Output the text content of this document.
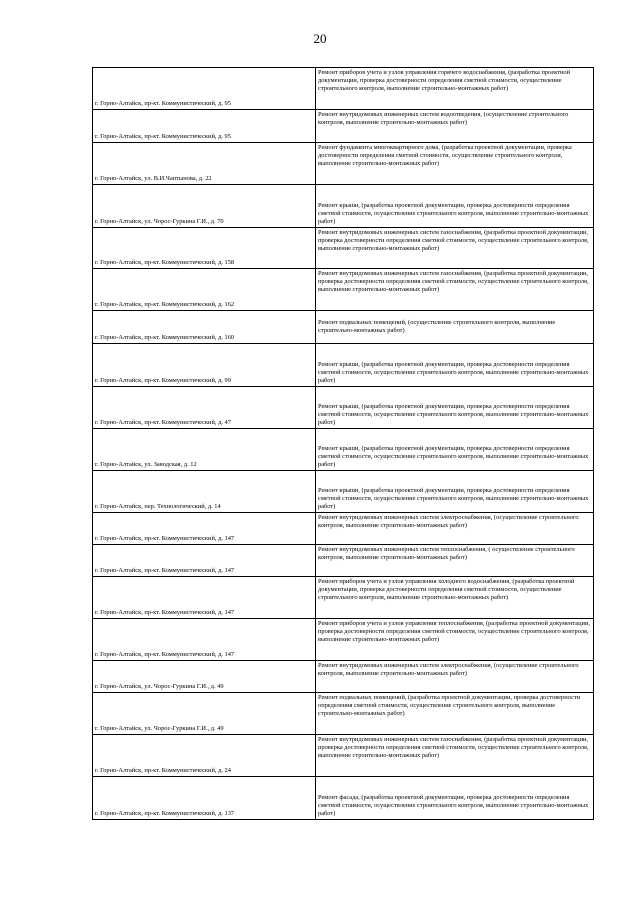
20
г. Горно-Алтайск, пр-кт. Коммунистический, д. 95	Ремонт приборов учета и узлов управления горячего водоснабжения, (разработка проектной документации, проверка достоверности определения сметной стоимости, осуществление строительного контроля, выполнение строительно-монтажных работ)
г. Горно-Алтайск, пр-кт. Коммунистический, д. 95	Ремонт внутридомовых инженерных систем водоотведения, (осуществление строительного контроля, выполнение строительно-монтажных работ)
г. Горно-Алтайск, ул. В.И.Чаптынова, д. 22	Ремонт фундамента многоквартирного дома, (разработка проектной документации, проверка достоверности определения сметной стоимости, осуществление строительного контроля, выполнение строительно-монтажных работ)
г. Горно-Алтайск, ул. Чорос-Гуркина Г.И., д. 70	Ремонт крыши, (разработка проектной документации, проверка достоверности определения сметной стоимости, осуществление строительного контроля, выполнение строительно-монтажных работ)
г. Горно-Алтайск, пр-кт. Коммунистический, д. 158	Ремонт внутридомовых инженерных систем газоснабжения, (разработка проектной документации, проверка достоверности определения сметной стоимости, осуществление строительного контроля, выполнение строительно-монтажных работ)
г. Горно-Алтайск, пр-кт. Коммунистический, д. 162	Ремонт внутридомовых инженерных систем газоснабжения, (разработка проектной документации, проверка достоверности определения сметной стоимости, осуществление строительного контроля, выполнение строительно-монтажных работ)
г. Горно-Алтайск, пр-кт. Коммунистический, д. 160	Ремонт подвальных помещений, (осуществление строительного контроля, выполнение строительно-монтажных работ)
г. Горно-Алтайск, пр-кт. Коммунистический, д. 99	Ремонт крыши, (разработка проектной документации, проверка достоверности определения сметной стоимости, осуществление строительного контроля, выполнение строительно-монтажных работ)
г. Горно-Алтайск, пр-кт. Коммунистический, д. 47	Ремонт крыши, (разработка проектной документации, проверка достоверности определения сметной стоимости, осуществление строительного контроля, выполнение строительно-монтажных работ)
г. Горно-Алтайск, ул. Заводская, д. 12	Ремонт крыши, (разработка проектной документации, проверка достоверности определения сметной стоимости, осуществление строительного контроля, выполнение строительно-монтажных работ)
г. Горно-Алтайск, пер. Технологический, д. 14	Ремонт крыши, (разработка проектной документации, проверка достоверности определения сметной стоимости, осуществление строительного контроля, выполнение строительно-монтажных работ)
г. Горно-Алтайск, пр-кт. Коммунистический, д. 147	Ремонт внутридомовых инженерных систем электроснабжения, (осуществление строительного контроля, выполнение строительно-монтажных работ)
г. Горно-Алтайск, пр-кт. Коммунистический, д. 147	Ремонт внутридомовых инженерных систем теплоснабжения, ( осуществление строительного контроля, выполнение строительно-монтажных работ)
г. Горно-Алтайск, пр-кт. Коммунистический, д. 147	Ремонт приборов учета и узлов управления холодного водоснабжения, (разработка проектной документации, проверка достоверности определения сметной стоимости, осуществление строительного контроля, выполнение строительно-монтажных работ)
г. Горно-Алтайск, пр-кт. Коммунистический, д. 147	Ремонт приборов учета и узлов управления теплоснабжения, (разработка проектной документации, проверка достоверности определения сметной стоимости, осуществление строительного контроля, выполнение строительно-монтажных работ)
г. Горно-Алтайск, ул. Чорос-Гуркина Г.И., д. 49	Ремонт внутридомовых инженерных систем электроснабжения, (осуществление строительного контроля, выполнение строительно-монтажных работ)
г. Горно-Алтайск, ул. Чорос-Гуркина Г.И., д. 49	Ремонт подвальных помещений, (разработка проектной документации, проверка достоверности определения сметной стоимости, осуществление строительного контроля, выполнение строительно-монтажных работ)
г. Горно-Алтайск, пр-кт. Коммунистический, д. 24	Ремонт внутридомовых инженерных систем газоснабжения, (разработка проектной документации, проверка достоверности определения сметной стоимости, осуществление строительного контроля, выполнение строительно-монтажных работ)
г. Горно-Алтайск, пр-кт. Коммунистический, д. 137	Ремонт фасада, (разработка проектной документации, проверка достоверности определения сметной стоимости, осуществление строительного контроля, выполнение строительно-монтажных работ)
